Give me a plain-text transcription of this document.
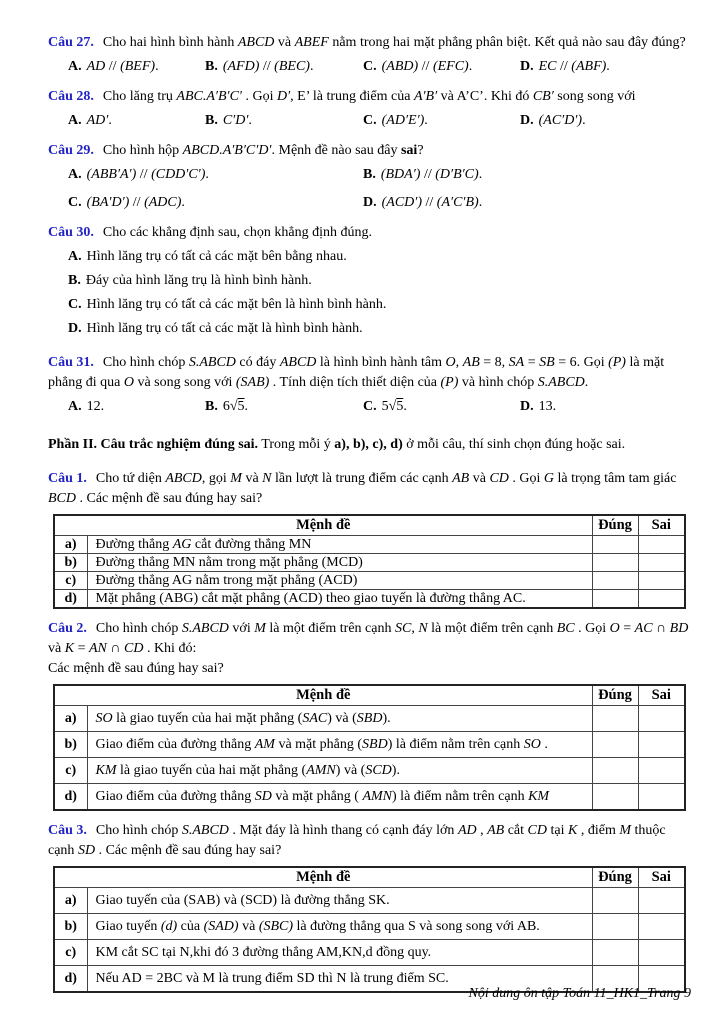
Câu 27. Cho hai hình bình hành ABCD và ABEF nằm trong hai mặt phẳng phân biệt. Kết quả nào sau đây đúng?

A. AD // (BEF).	B. (AFD) // (BEC).	C. (ABD) // (EFC).	D. EC // (ABF).

Câu 28. Cho lăng trụ ABC.A′B′C′ . Gọi D′, E’ là trung điểm của A′B′ và A’C’. Khi đó CB′ song song với

A. AD′.	B. C′D′.	C. (AD′E′).	D. (AC′D′).

Câu 29. Cho hình hộp ABCD.A′B′C′D′. Mệnh đề nào sau đây sai?

A. (ABB′A′) // (CDD′C′).	B. (BDA′) // (D′B′C).
C. (BA′D′) // (ADC).	D. (ACD′) // (A′C′B).

Câu 30. Cho các khẳng định sau, chọn khẳng định đúng.

A. Hình lăng trụ có tất cả các mặt bên bằng nhau.
B. Đáy của hình lăng trụ là hình bình hành.
C. Hình lăng trụ có tất cả các mặt bên là hình bình hành.
D. Hình lăng trụ có tất cả các mặt là hình bình hành.

Câu 31. Cho hình chóp S.ABCD có đáy ABCD là hình bình hành tâm O, AB = 8, SA = SB = 6. Gọi (P) là mặt phẳng đi qua O và song song với (SAB) . Tính diện tích thiết diện của (P) và hình chóp S.ABCD.

A. 12.	B. 6√5.	C. 5√5.	D. 13.

Phần II. Câu trắc nghiệm đúng sai. Trong mỗi ý a), b), c), d) ở mỗi câu, thí sinh chọn đúng hoặc sai.

Câu 1. Cho tứ diện ABCD, gọi M và N lần lượt là trung điểm các cạnh AB và CD . Gọi G là trọng tâm tam giác BCD . Các mệnh đề sau đúng hay sai?

Mệnh đề		Đúng	Sai
a)	Đường thẳng AG cắt đường thẳng MN		
b)	Đường thẳng MN nằm trong mặt phẳng (MCD)		
c)	Đường thẳng AG nằm trong mặt phẳng (ACD)		
d)	Mặt phẳng (ABG) cắt mặt phẳng (ACD) theo giao tuyến là đường thẳng AC.		

Câu 2. Cho hình chóp S.ABCD với M là một điểm trên cạnh SC, N là một điểm trên cạnh BC . Gọi O = AC ∩ BD và K = AN ∩ CD . Khi đó:

Các mệnh đề sau đúng hay sai?

Mệnh đề		Đúng	Sai
a)	SO là giao tuyến của hai mặt phẳng (SAC) và (SBD).		
b)	Giao điểm của đường thẳng AM và mặt phẳng (SBD) là điểm nằm trên cạnh SO .		
c)	KM là giao tuyến của hai mặt phẳng (AMN) và (SCD).		
d)	Giao điểm của đường thẳng SD và mặt phẳng ( AMN) là điểm nằm trên cạnh KM		

Câu 3. Cho hình chóp S.ABCD . Mặt đáy là hình thang có cạnh đáy lớn AD , AB cắt CD tại K , điểm M thuộc cạnh SD . Các mệnh đề sau đúng hay sai?

Mệnh đề		Đúng	Sai
a)	Giao tuyến của (SAB) và (SCD) là đường thẳng SK.		
b)	Giao tuyến (d) của (SAD) và (SBC) là đường thẳng qua S và song song với AB.		
c)	KM cắt SC tại N,khi đó 3 đường thẳng AM,KN,d đồng quy.		
d)	Nếu AD = 2BC và M là trung điểm SD thì N là trung điểm SC.		
Nội dung ôn tập Toán 11_HK1_Trang 9
